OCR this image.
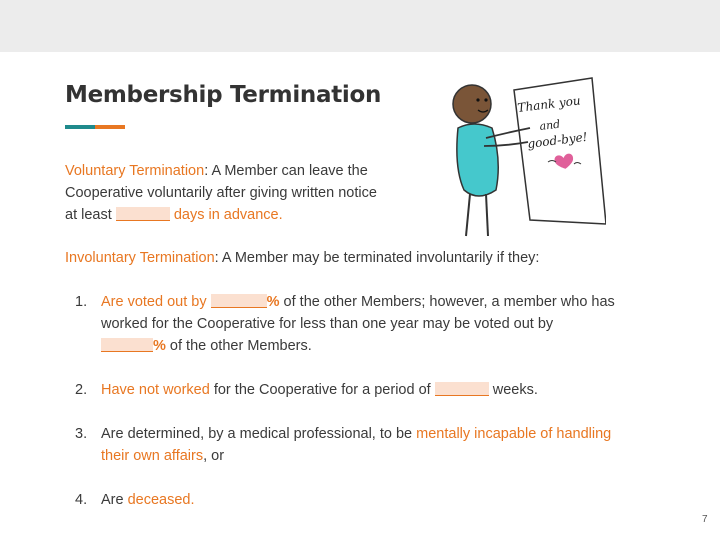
Membership Termination
Voluntary Termination: A Member can leave the
Cooperative voluntarily after giving written notice
at least	days in advance.
Thank you
and
good-bye!
Involuntary Termination: A Member may be terminated involuntarily if they:
1. Are voted out by	% of the other Members; however, a member who has
worked for the Cooperative for less than one year may be voted out by
% of the other Members.
2. Have not worked for the Cooperative for a period of	weeks.
3. Are determined, by a medical professional, to be mentally incapable of handling
their own affairs, or
4. Are deceased.
7
